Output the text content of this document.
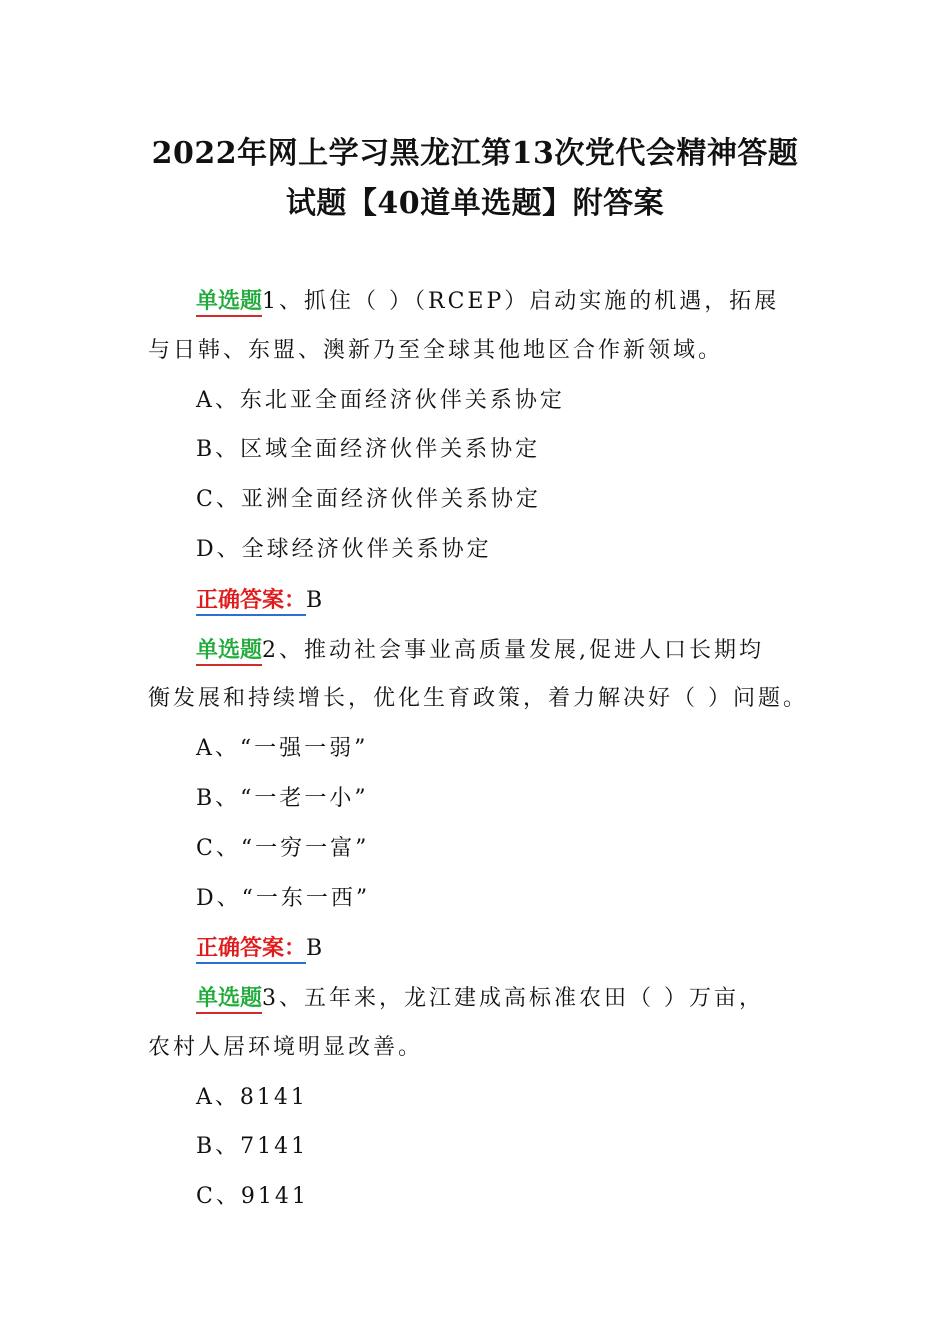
2022年网上学习黑龙江第13次党代会精神答题
试题【40道单选题】附答案
单选题1、抓住（ ）（RCEP）启动实施的机遇，拓展
与日韩、东盟、澳新乃至全球其他地区合作新领域。
A、东北亚全面经济伙伴关系协定
B、区域全面经济伙伴关系协定
C、亚洲全面经济伙伴关系协定
D、全球经济伙伴关系协定
正确答案：B
单选题2、推动社会事业高质量发展,促进人口长期均
衡发展和持续增长，优化生育政策，着力解决好（ ）问题。
A、“一强一弱”
B、“一老一小”
C、“一穷一富”
D、“一东一西”
正确答案：B
单选题3、五年来，龙江建成高标准农田（ ）万亩，
农村人居环境明显改善。
A、8141
B、7141
C、9141
